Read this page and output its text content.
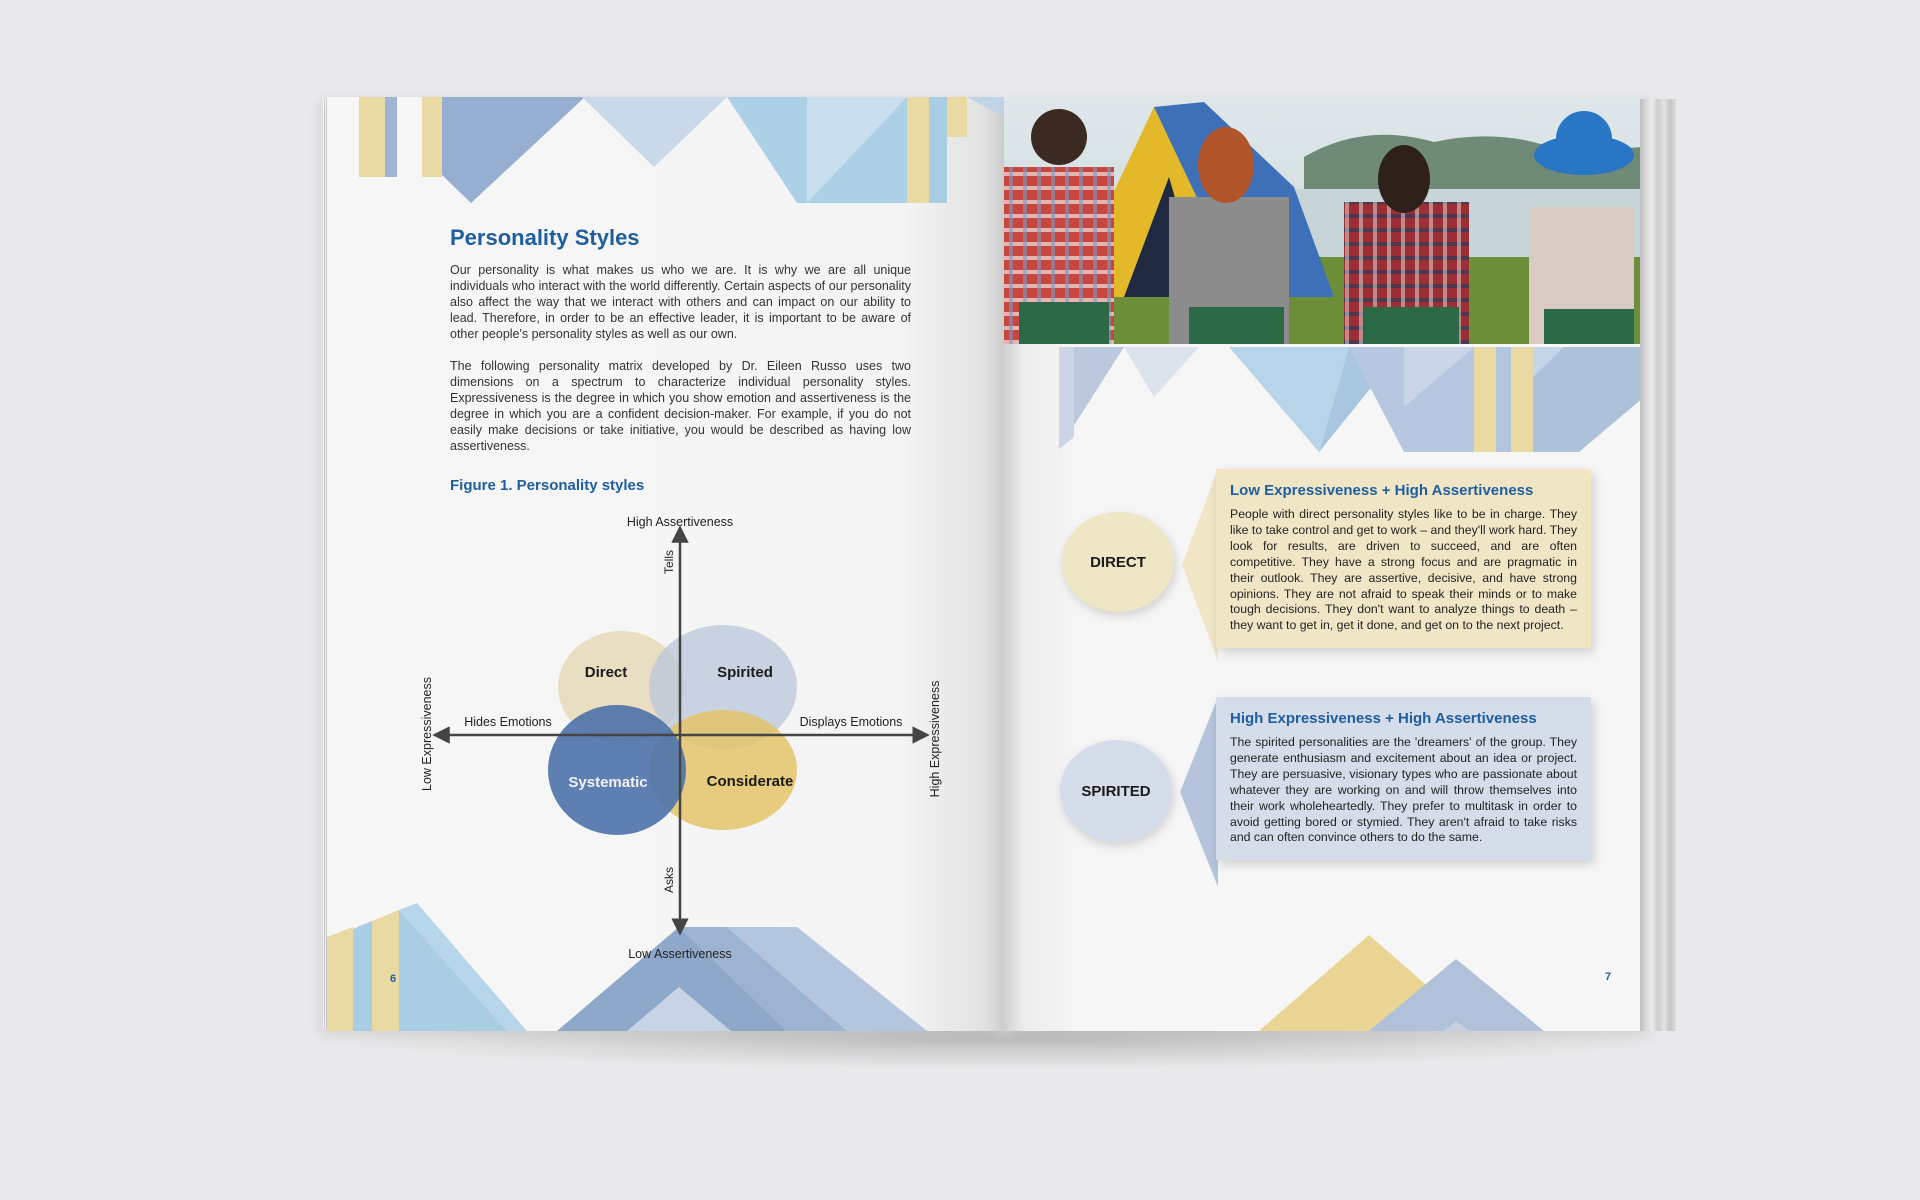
Personality Styles

Our personality is what makes us who we are. It is why we are all unique individuals who interact with the world differently. Certain aspects of our personality also affect the way that we interact with others and can impact on our ability to lead. Therefore, in order to be an effective leader, it is important to be aware of other people's personality styles as well as our own.

The following personality matrix developed by Dr. Eileen Russo uses two dimensions on a spectrum to characterize individual personality styles. Expressiveness is the degree in which you show emotion and assertiveness is the degree in which you are a confident decision-maker. For example, if you do not easily make decisions or take initiative, you would be described as having low assertiveness.

Figure 1. Personality styles
High Assertiveness
Low Assertiveness
Tells
Asks
Hides Emotions	Displays Emotions
Low Expressiveness	High Expressiveness
Direct	Spirited
Systematic	Considerate
6
DIRECT
Low Expressiveness + High Assertiveness

People with direct personality styles like to be in charge. They like to take control and get to work – and they'll work hard. They look for results, are driven to succeed, and are often competitive. They have a strong focus and are pragmatic in their outlook. They are assertive, decisive, and have strong opinions. They are not afraid to speak their minds or to make tough decisions. They don't want to analyze things to death – they want to get in, get it done, and get on to the next project.

SPIRITED
High Expressiveness + High Assertiveness

The spirited personalities are the 'dreamers' of the group. They generate enthusiasm and excitement about an idea or project. They are persuasive, visionary types who are passionate about whatever they are working on and will throw themselves into their work wholeheartedly. They prefer to multitask in order to avoid getting bored or stymied. They aren't afraid to take risks and can often convince others to do the same.

7
